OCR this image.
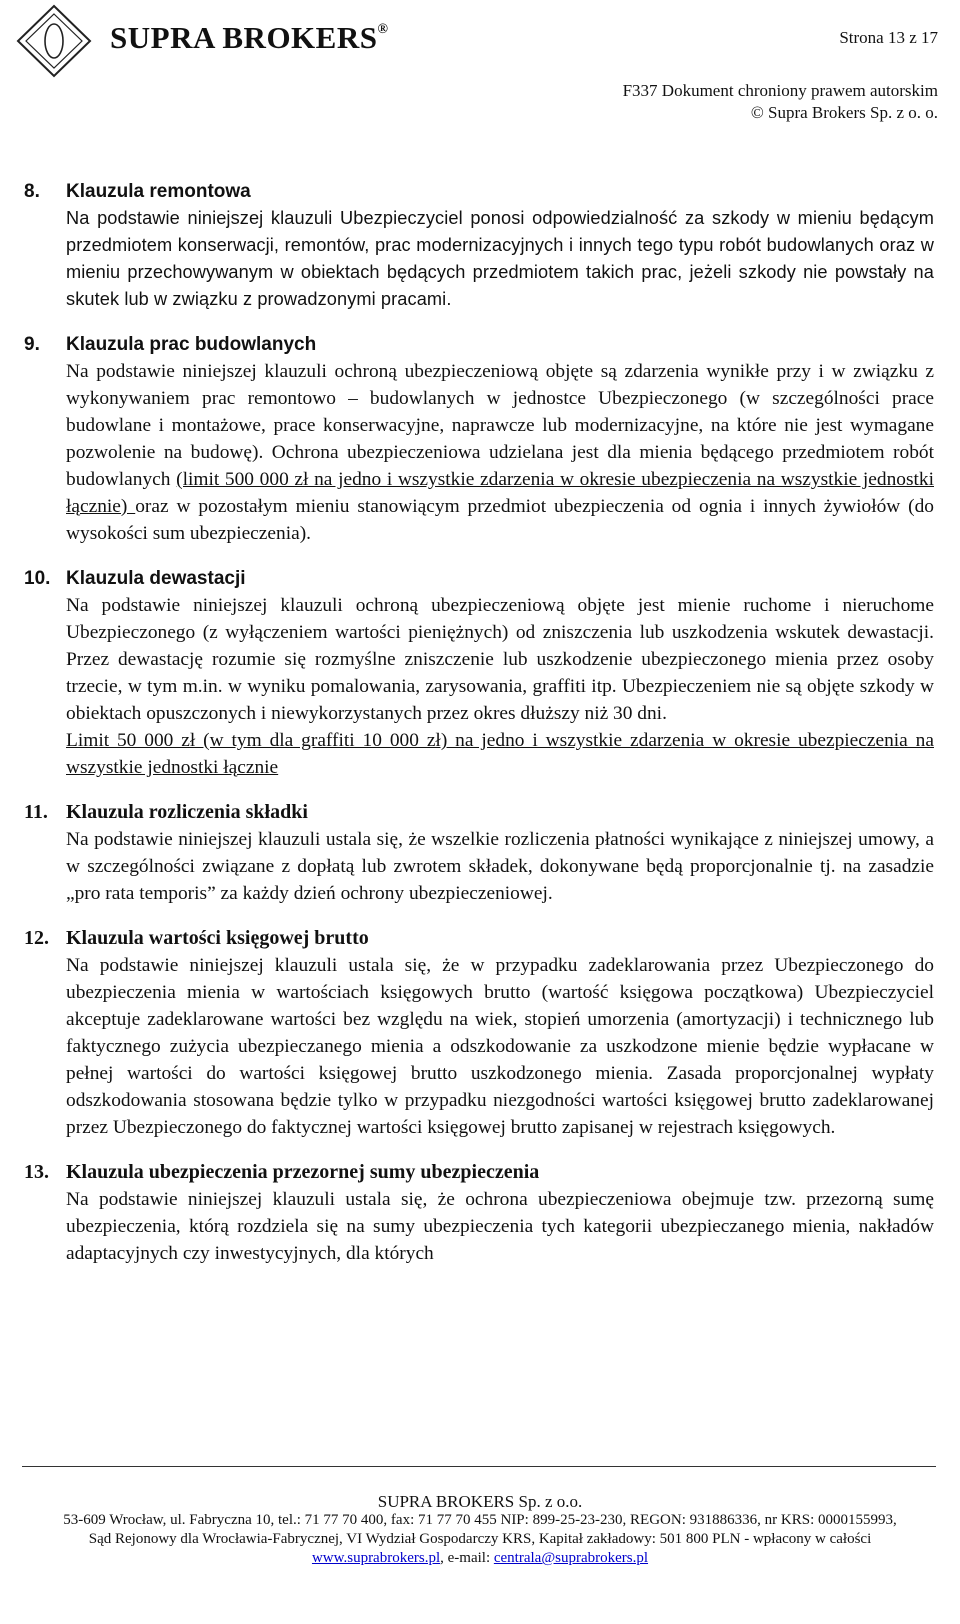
SUPRA BROKERS®	Strona 13 z 17
F337 Dokument chroniony prawem autorskim
© Supra Brokers Sp. z o. o.
8. Klauzula remontowa
Na podstawie niniejszej klauzuli Ubezpieczyciel ponosi odpowiedzialność za szkody w mieniu będącym przedmiotem konserwacji, remontów, prac modernizacyjnych i innych tego typu robót budowlanych oraz w mieniu przechowywanym w obiektach będących przedmiotem takich prac, jeżeli szkody nie powstały na skutek lub w związku z prowadzonymi pracami.
9. Klauzula prac budowlanych
Na podstawie niniejszej klauzuli ochroną ubezpieczeniową objęte są zdarzenia wynikłe przy i w związku z wykonywaniem prac remontowo – budowlanych w jednostce Ubezpieczonego (w szczególności prace budowlane i montażowe, prace konserwacyjne, naprawcze lub modernizacyjne, na które nie jest wymagane pozwolenie na budowę). Ochrona ubezpieczeniowa udzielana jest dla mienia będącego przedmiotem robót budowlanych (limit 500 000 zł na jedno i wszystkie zdarzenia w okresie ubezpieczenia na wszystkie jednostki łącznie) oraz w pozostałym mieniu stanowiącym przedmiot ubezpieczenia od ognia i innych żywiołów (do wysokości sum ubezpieczenia).
10. Klauzula dewastacji
Na podstawie niniejszej klauzuli ochroną ubezpieczeniową objęte jest mienie ruchome i nieruchome Ubezpieczonego (z wyłączeniem wartości pieniężnych) od zniszczenia lub uszkodzenia wskutek dewastacji. Przez dewastację rozumie się rozmyślne zniszczenie lub uszkodzenie ubezpieczonego mienia przez osoby trzecie, w tym m.in. w wyniku pomalowania, zarysowania, graffiti itp. Ubezpieczeniem nie są objęte szkody w obiektach opuszczonych i niewykorzystanych przez okres dłuższy niż 30 dni.
Limit 50 000 zł (w tym dla graffiti 10 000 zł) na jedno i wszystkie zdarzenia w okresie ubezpieczenia na wszystkie jednostki łącznie
11. Klauzula rozliczenia składki
Na podstawie niniejszej klauzuli ustala się, że wszelkie rozliczenia płatności wynikające z niniejszej umowy, a w szczególności związane z dopłatą lub zwrotem składek, dokonywane będą proporcjonalnie tj. na zasadzie „pro rata temporis” za każdy dzień ochrony ubezpieczeniowej.
12. Klauzula wartości księgowej brutto
Na podstawie niniejszej klauzuli ustala się, że w przypadku zadeklarowania przez Ubezpieczonego do ubezpieczenia mienia w wartościach księgowych brutto (wartość księgowa początkowa) Ubezpieczyciel akceptuje zadeklarowane wartości bez względu na wiek, stopień umorzenia (amortyzacji) i technicznego lub faktycznego zużycia ubezpieczanego mienia a odszkodowanie za uszkodzone mienie będzie wypłacane w pełnej wartości do wartości księgowej brutto uszkodzonego mienia. Zasada proporcjonalnej wypłaty odszkodowania stosowana będzie tylko w przypadku niezgodności wartości księgowej brutto zadeklarowanej przez Ubezpieczonego do faktycznej wartości księgowej brutto zapisanej w rejestrach księgowych.
13. Klauzula ubezpieczenia przezornej sumy ubezpieczenia
Na podstawie niniejszej klauzuli ustala się, że ochrona ubezpieczeniowa obejmuje tzw. przezorną sumę ubezpieczenia, którą rozdziela się na sumy ubezpieczenia tych kategorii ubezpieczanego mienia, nakładów adaptacyjnych czy inwestycyjnych, dla których
SUPRA BROKERS Sp. z o.o.
53-609 Wrocław, ul. Fabryczna 10, tel.: 71 77 70 400, fax: 71 77 70 455 NIP: 899-25-23-230, REGON: 931886336, nr KRS: 0000155993,
Sąd Rejonowy dla Wrocławia-Fabrycznej, VI Wydział Gospodarczy KRS, Kapitał zakładowy: 501 800 PLN - wpłacony w całości
www.suprabrokers.pl, e-mail: centrala@suprabrokers.pl
